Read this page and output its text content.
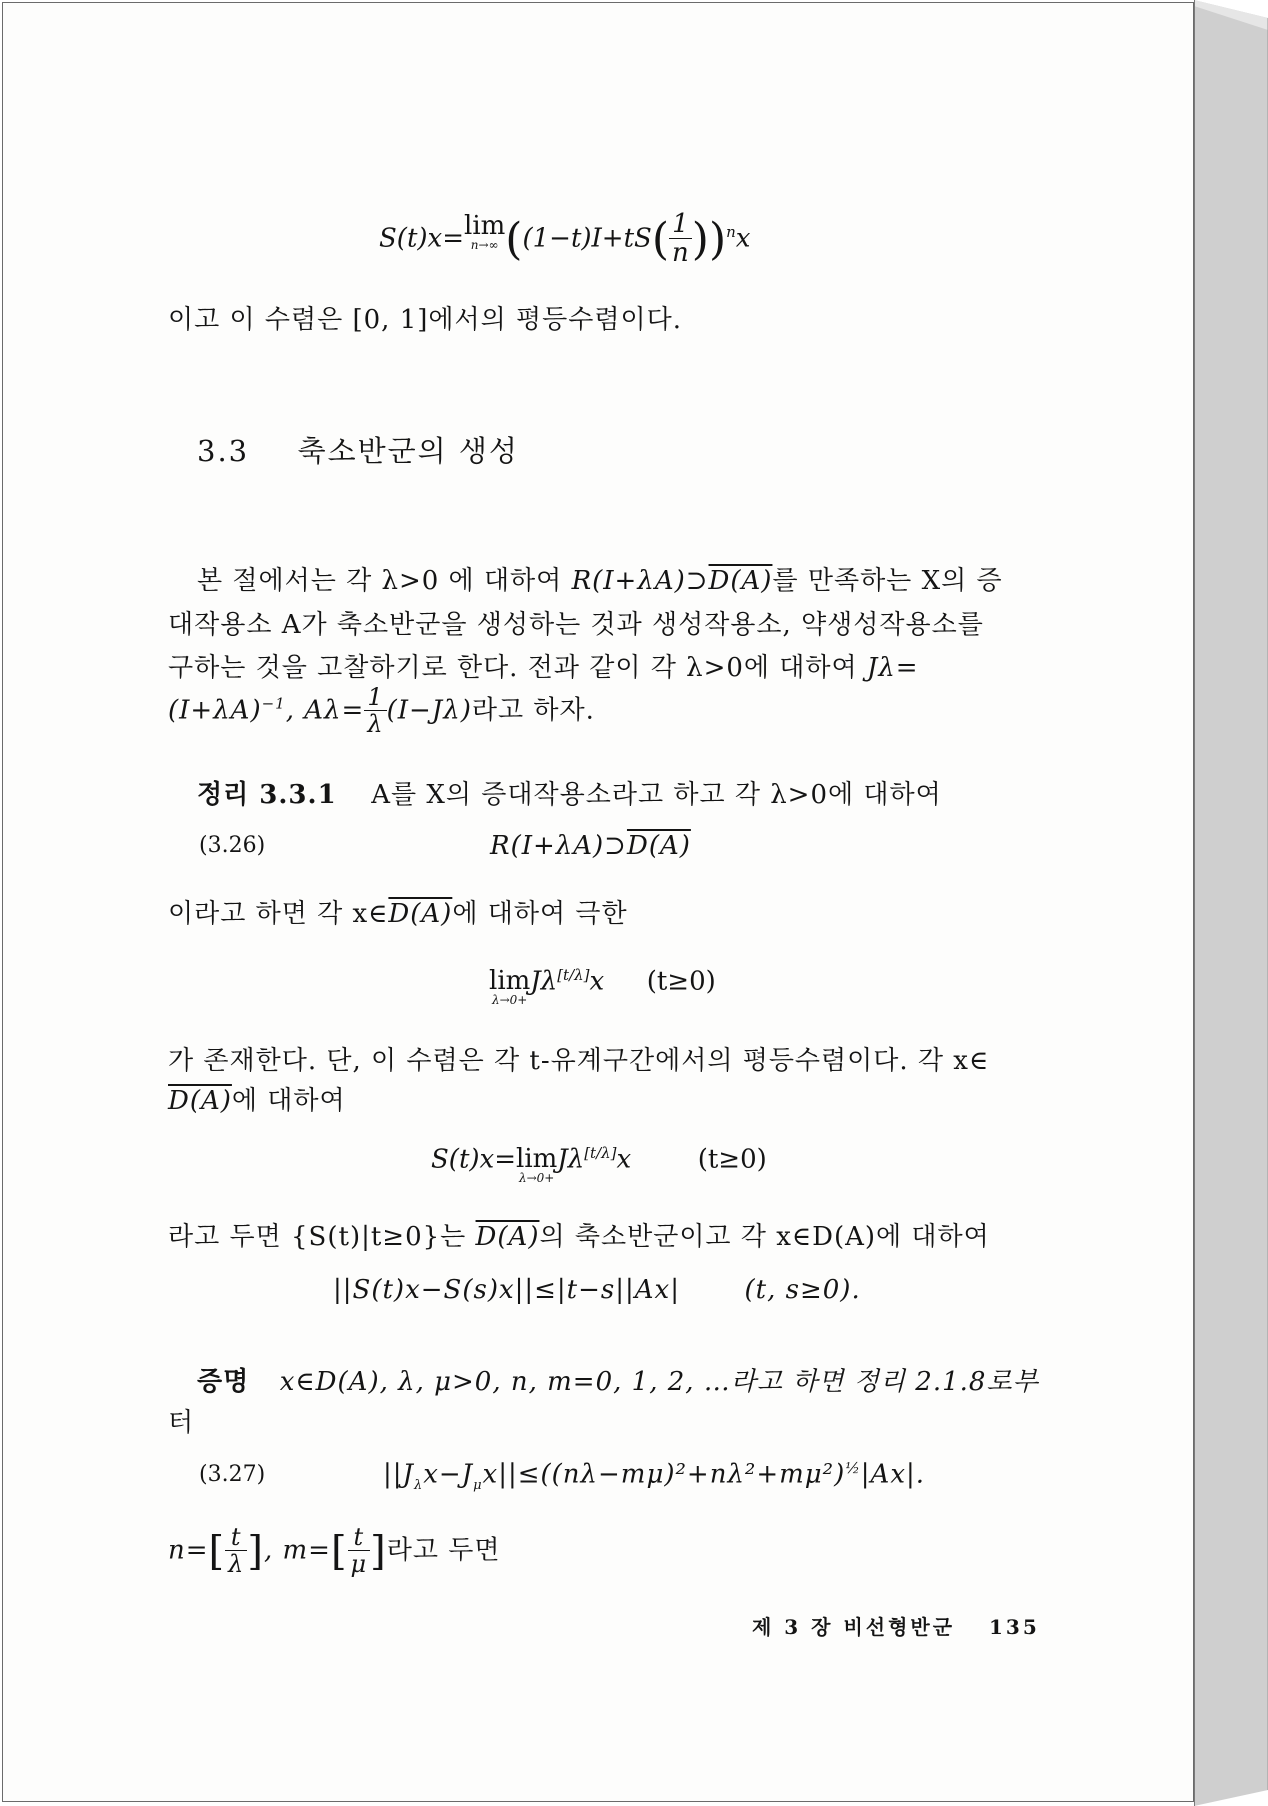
S(t)x=lim
n→∞ $((1-t)I+tS( \frac{1}{n} ))^nx$
이고 이 수렴은 [0, 1]에서의 평등수렴이다.
3.3 축소반군의 생성
본 절에서는 각 λ>0 에 대하여 R(I+λA)⊃D(A)를 만족하는 X의 증
대작용소 A가 축소반군을 생성하는 것과 생성작용소, 약생성작용소를
구하는 것을 고찰하기로 한다. 전과 같이 각 λ>0에 대하여 Jλ=
$(I+\lambda A)^{-1}$, $A\lambda= \frac{1}{\lambda} (I-J\lambda)$라고 하자.
정리 3.3.1 A를 X의 증대작용소라고 하고 각 λ>0에 대하여
(3.26)	R(I+λA)⊃D(A)
이라고 하면 각 x∈D(A)에 대하여 극한
lim
λ→0+
Jλ[t/λ]x (t≥0)
가 존재한다. 단, 이 수렴은 각 t-유계구간에서의 평등수렴이다. 각 x∈
D(A)에 대하여
S(t)x=lim
λ→0+
Jλ[t/λ]x	(t≥0)
라고 두면 {S(t)|t≥0}는 D(A)의 축소반군이고 각 x∈D(A)에 대하여
||S(t)x−S(s)x||≤|t−s||Ax| (t, s≥0).
증명 x∈D(A), λ, μ>0, n, m=0, 1, 2, …라고 하면 정리 2.1.8로부
터
(3.27)	$||J_\lambda x-J_\mu x||\le((n\lambda-m\mu)^2+n\lambda^2+m\mu^2)^{\frac{1}{2}}|Ax|$.
$n=[ \frac{t}{\lambda}$ ], $m=[ \frac{t}{\mu}$ ]라고 두면
제 3 장 비선형반군 135
